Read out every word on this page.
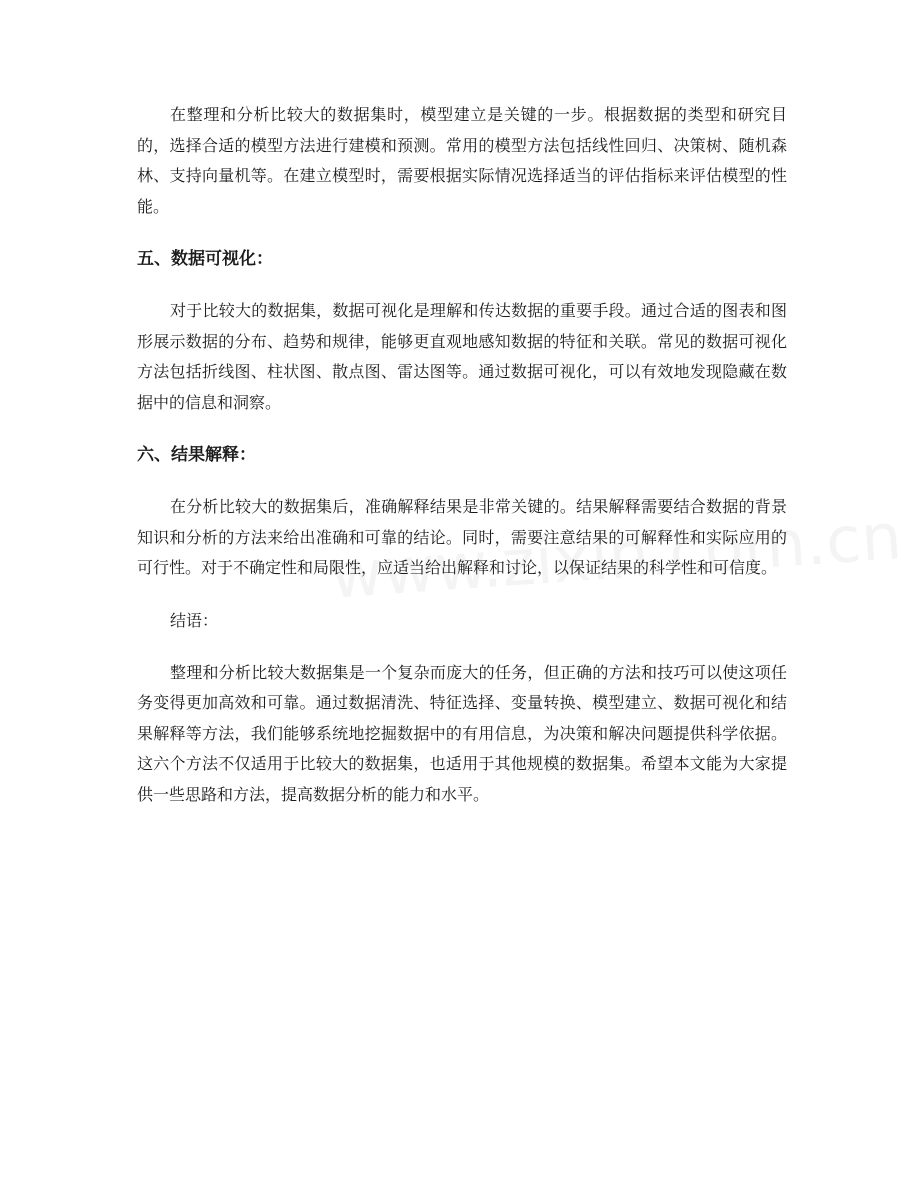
在整理和分析比较大的数据集时，模型建立是关键的一步。根据数据的类型和研究目的，选择合适的模型方法进行建模和预测。常用的模型方法包括线性回归、决策树、随机森林、支持向量机等。在建立模型时，需要根据实际情况选择适当的评估指标来评估模型的性能。

五、数据可视化：

对于比较大的数据集，数据可视化是理解和传达数据的重要手段。通过合适的图表和图形展示数据的分布、趋势和规律，能够更直观地感知数据的特征和关联。常见的数据可视化方法包括折线图、柱状图、散点图、雷达图等。通过数据可视化，可以有效地发现隐藏在数据中的信息和洞察。

六、结果解释：

在分析比较大的数据集后，准确解释结果是非常关键的。结果解释需要结合数据的背景知识和分析的方法来给出准确和可靠的结论。同时，需要注意结果的可解释性和实际应用的可行性。对于不确定性和局限性，应适当给出解释和讨论，以保证结果的科学性和可信度。

结语：

整理和分析比较大数据集是一个复杂而庞大的任务，但正确的方法和技巧可以使这项任务变得更加高效和可靠。通过数据清洗、特征选择、变量转换、模型建立、数据可视化和结果解释等方法，我们能够系统地挖掘数据中的有用信息，为决策和解决问题提供科学依据。这六个方法不仅适用于比较大的数据集，也适用于其他规模的数据集。希望本文能为大家提供一些思路和方法，提高数据分析的能力和水平。
